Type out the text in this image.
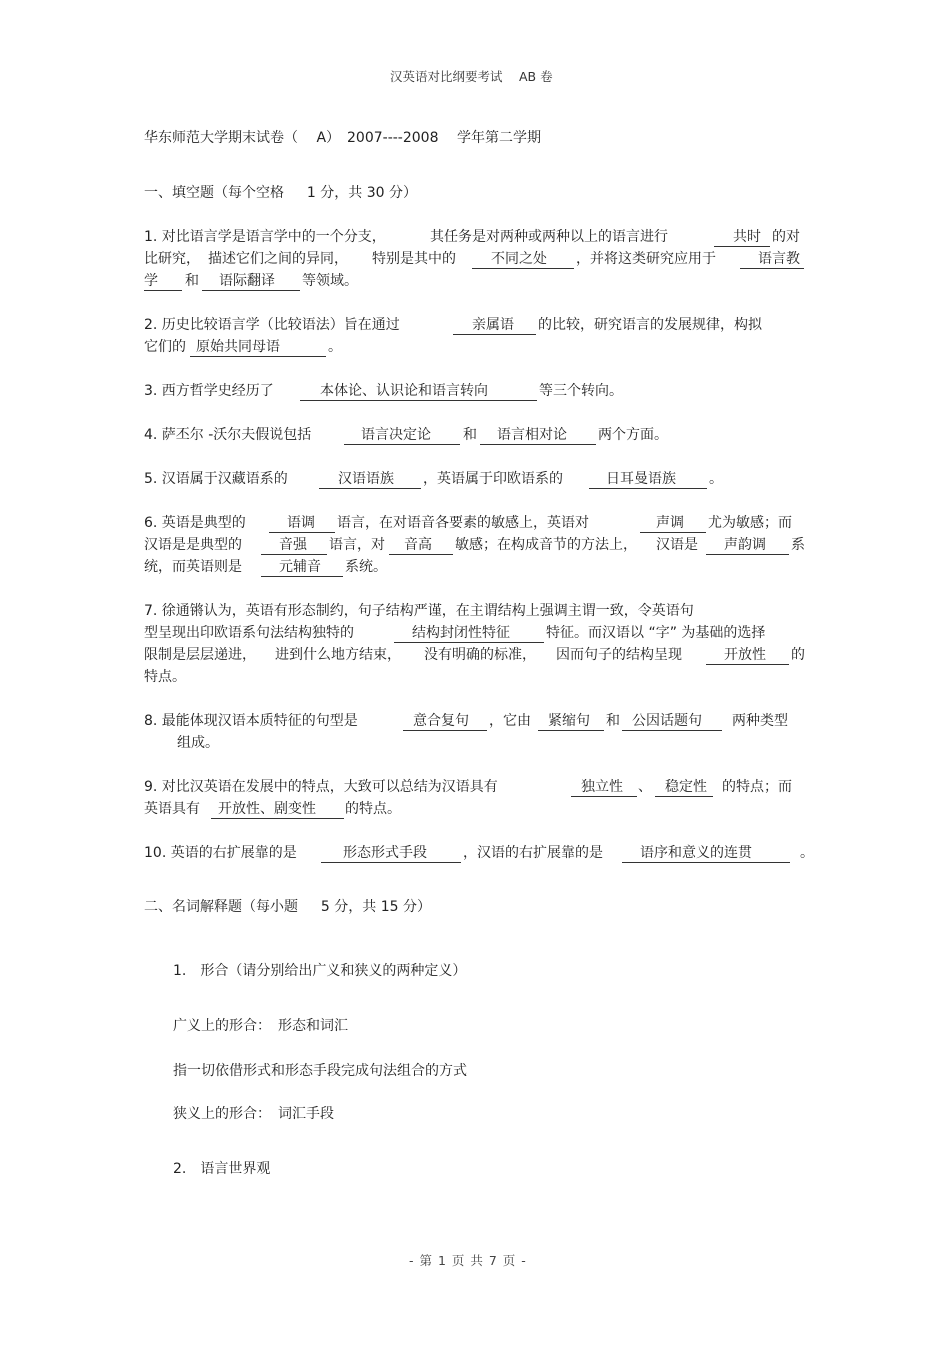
汉英语对比纲要考试　 AB 卷
华东师范大学期末试卷（　 A）　2007----2008 　学年第二学期
一、填空题（每个空格 　 1 分，共 30 分）
1. 对比语言学是语言学中的一个分支，	其任务是对两种或两种以上的语言进行	共时 的对
比研究， 描述它们之间的异同， 特别是其中的	不同之处 ，并将这类研究应用于	语言教
学 和 语际翻译 等领域。
2. 历史比较语言学（比较语法）旨在通过	亲属语 的比较，研究语言的发展规律，构拟
它们的 原始共同母语	。
3. 西方哲学史经历了	本体论、认识论和语言转向	等三个转向。
4. 萨丕尔 -沃尔夫假说包括	语言决定论 和 语言相对论 两个方面。
5. 汉语属于汉藏语系的	汉语语族 ，英语属于印欧语系的	日耳曼语族 。
6. 英语是典型的	语调 语言，在对语音各要素的敏感上，英语对	声调 尤为敏感；而
汉语是是典型的	音强 语言，对 音高 敏感；在构成音节的方法上， 汉语是 声韵调 系
统，而英语则是	元辅音 系统。
7. 徐通锵认为，英语有形态制约，句子结构严谨，在主谓结构上强调主谓一致，令英语句
型呈现出印欧语系句法结构独特的	结构封闭性特征	特征。而汉语以 “字” 为基础的选择
限制是层层递进， 进到什么地方结束， 没有明确的标准， 因而句子的结构呈现	开放性 的
特点。
8. 最能体现汉语本质特征的句型是	意合复句 ，它由 紧缩句 和 公因话题句 两种类型
组成。
9. 对比汉英语在发展中的特点，大致可以总结为汉语具有	独立性 、 稳定性 的特点；而
英语具有 开放性、剧变性 的特点。
10. 英语的右扩展靠的是	形态形式手段	，汉语的右扩展靠的是	语序和意义的连贯	。
二、名词解释题（每小题 　 5 分，共 15 分）
1.　形合（请分别给出广义和狭义的两种定义）
广义上的形合：　形态和词汇
指一切依借形式和形态手段完成句法组合的方式
狭义上的形合：　词汇手段
2.　语言世界观
- 第 1 页 共 7 页 -
